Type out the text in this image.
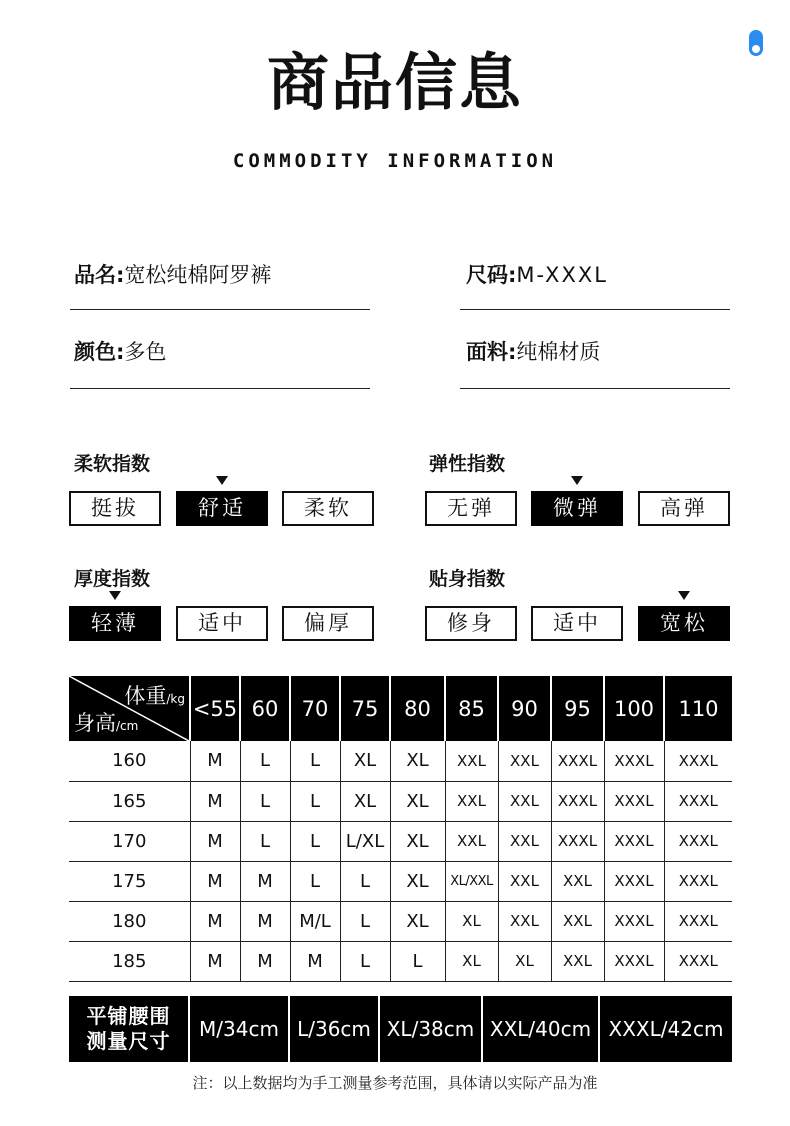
商品信息
COMMODITY INFORMATION
品名:宽松纯棉阿罗裤	尺码:M-XXXL
颜色:多色	面料:纯棉材质
柔软指数
挺拔	舒适	柔软
弹性指数
无弹	微弹	高弹
厚度指数
轻薄	适中	偏厚
贴身指数
修身	适中	宽松
体重/kg
身高/cm	<55	60	70	75	80	85	90	95	100	110
160	M	L	L	XL	XL	XXL	XXL	XXXL	XXXL	XXXL
165	M	L	L	XL	XL	XXL	XXL	XXXL	XXXL	XXXL
170	M	L	L	L/XL	XL	XXL	XXL	XXXL	XXXL	XXXL
175	M	M	L	L	XL	XL/XXL	XXL	XXL	XXXL	XXXL
180	M	M	M/L	L	XL	XL	XXL	XXL	XXXL	XXXL
185	M	M	M	L	L	XL	XL	XXL	XXXL	XXXL
平铺腰围
测量尺寸	M/34cm L/36cm XL/38cm XXL/40cm XXXL/42cm
注：以上数据均为手工测量参考范围，具体请以实际产品为准
